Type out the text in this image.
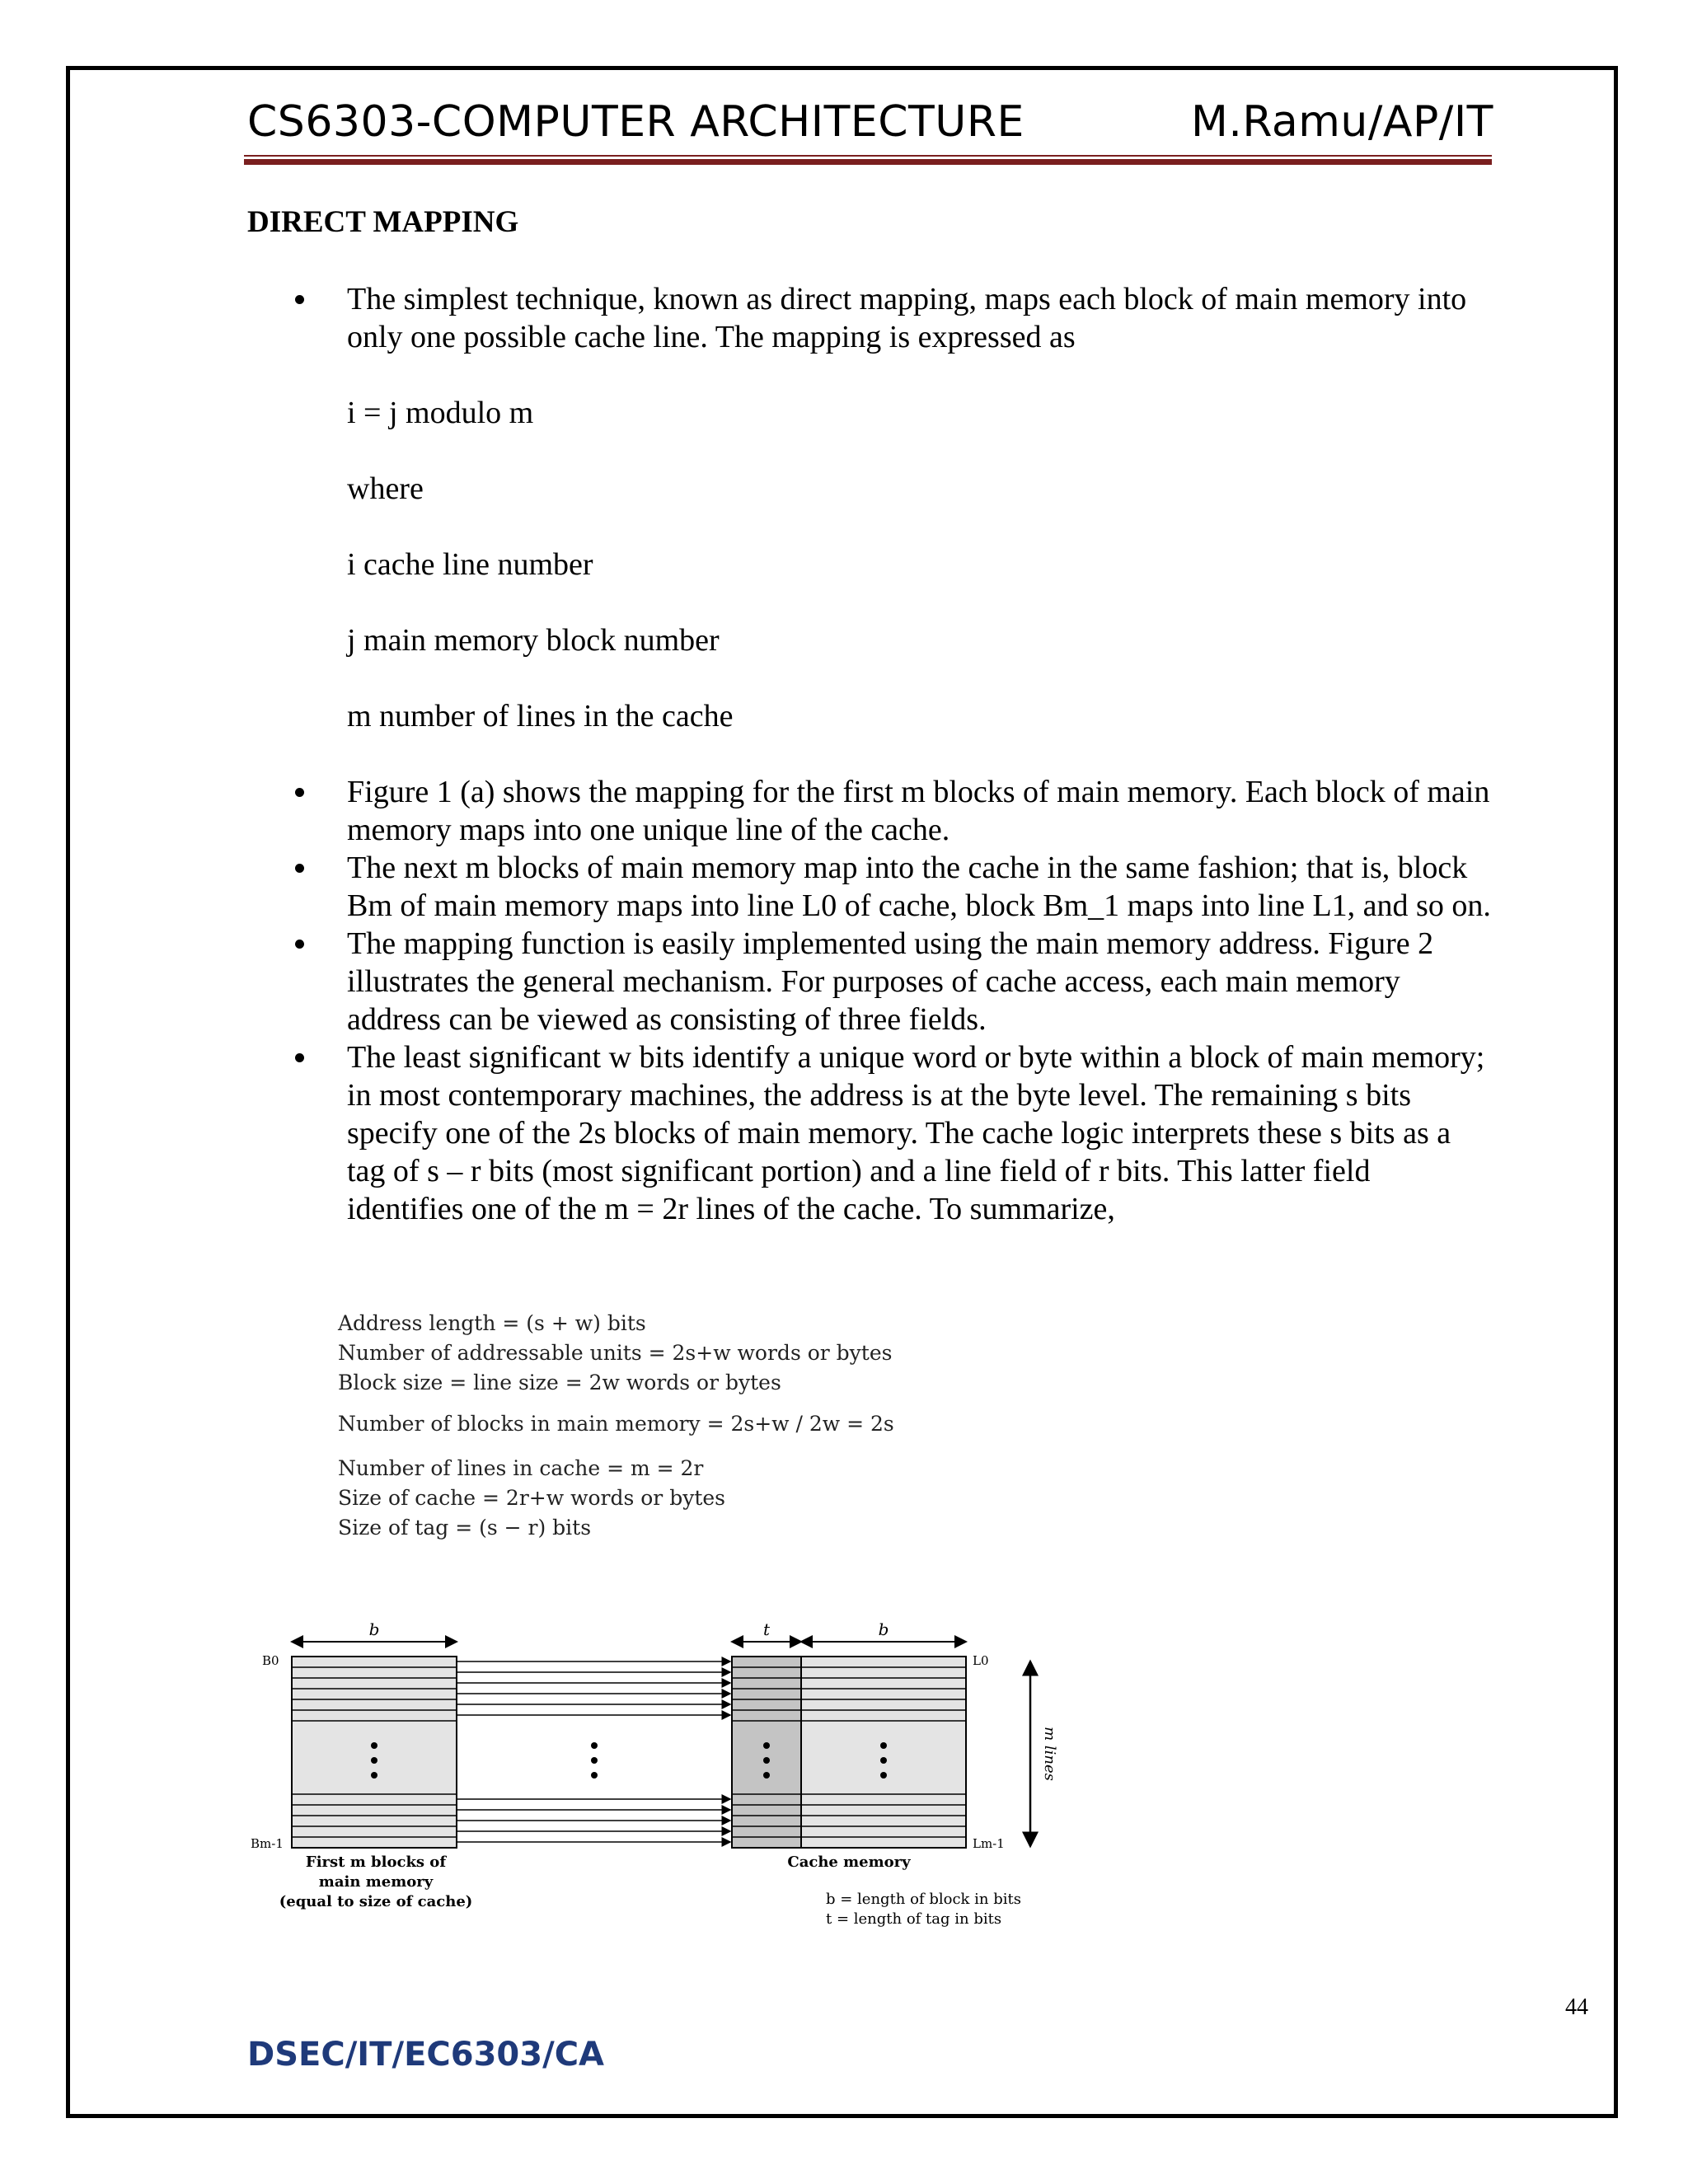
CS6303-COMPUTER ARCHITECTURE	M.Ramu/AP/IT
DIRECT MAPPING

The simplest technique, known as direct mapping, maps each block of main memory into only one possible cache line. The mapping is expressed as

i = j modulo m

where

i cache line number

j main memory block number

m number of lines in the cache

Figure 1 (a) shows the mapping for the first m blocks of main memory. Each block of main memory maps into one unique line of the cache.
The next m blocks of main memory map into the cache in the same fashion; that is, block Bm of main memory maps into line L0 of cache, block Bm_1 maps into line L1, and so on.
The mapping function is easily implemented using the main memory address. Figure 2 illustrates the general mechanism. For purposes of cache access, each main memory address can be viewed as consisting of three fields.
The least significant w bits identify a unique word or byte within a block of main memory; in most contemporary machines, the address is at the byte level. The remaining s bits specify one of the 2s blocks of main memory. The cache logic interprets these s bits as a tag of s – r bits (most significant portion) and a line field of r bits. This latter field identifies one of the m = 2r lines of the cache. To summarize,
Address length = (s + w) bits
Number of addressable units = 2s+w words or bytes
Block size = line size = 2w words or bytes
Number of blocks in main memory = 2s+w / 2w = 2s
Number of lines in cache = m = 2r
Size of cache = 2r+w words or bytes
Size of tag = (s − r) bits
b	t	b
B0
Bm-1
L0
Lm-1
m lines
First m blocks of
main memory
(equal to size of cache)
Cache memory
b = length of block in bits
t = length of tag in bits
44
DSEC/IT/EC6303/CA
